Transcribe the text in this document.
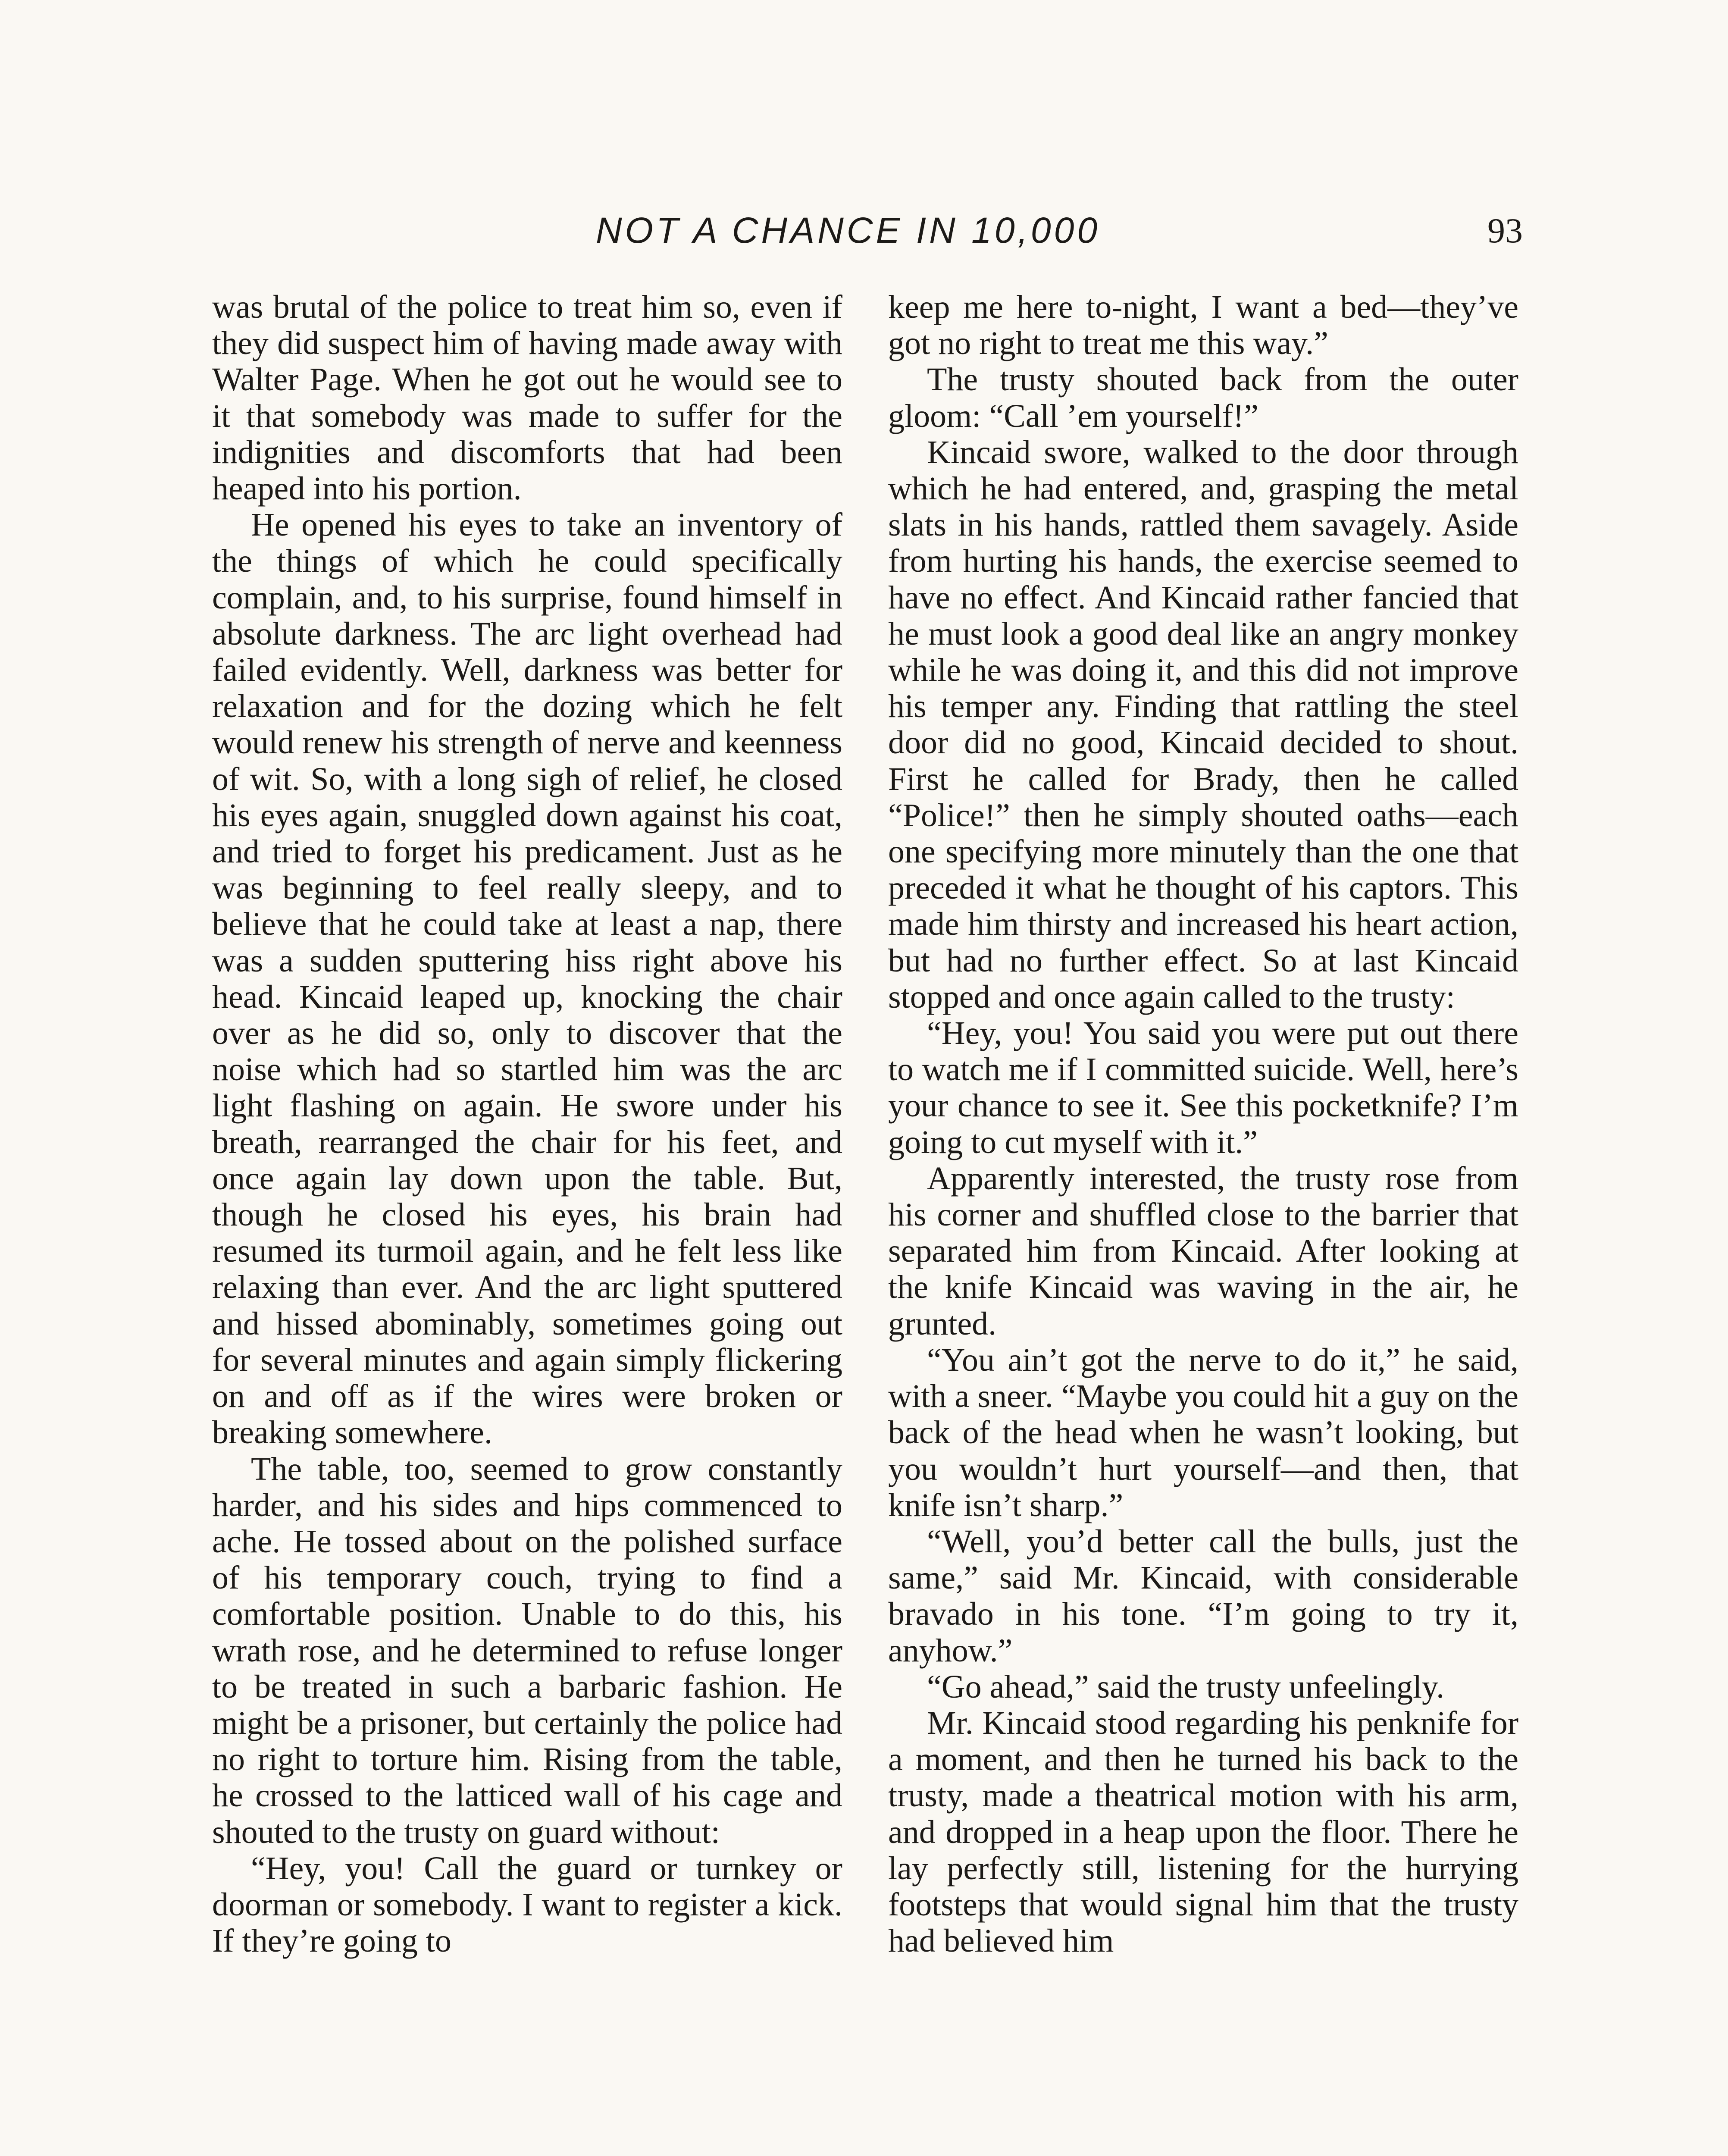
NOT A CHANCE IN 10,000	93

was brutal of the police to treat him so, even if they did suspect him of having made away with Walter Page. When he got out he would see to it that somebody was made to suffer for the indignities and discomforts that had been heaped into his portion.

He opened his eyes to take an inventory of the things of which he could specifically complain, and, to his surprise, found himself in absolute darkness. The arc light overhead had failed evidently. Well, darkness was better for relaxation and for the dozing which he felt would renew his strength of nerve and keenness of wit. So, with a long sigh of relief, he closed his eyes again, snuggled down against his coat, and tried to forget his predicament. Just as he was beginning to feel really sleepy, and to believe that he could take at least a nap, there was a sudden sputtering hiss right above his head. Kincaid leaped up, knocking the chair over as he did so, only to discover that the noise which had so startled him was the arc light flashing on again. He swore under his breath, rearranged the chair for his feet, and once again lay down upon the table. But, though he closed his eyes, his brain had resumed its turmoil again, and he felt less like relaxing than ever. And the arc light sputtered and hissed abominably, sometimes going out for several minutes and again simply flickering on and off as if the wires were broken or breaking somewhere.

The table, too, seemed to grow constantly harder, and his sides and hips commenced to ache. He tossed about on the polished surface of his temporary couch, trying to find a comfortable position. Unable to do this, his wrath rose, and he determined to refuse longer to be treated in such a barbaric fashion. He might be a prisoner, but certainly the police had no right to torture him. Rising from the table, he crossed to the latticed wall of his cage and shouted to the trusty on guard without:

“Hey, you! Call the guard or turnkey or doorman or somebody. I want to register a kick. If they’re going to

keep me here to-night, I want a bed—they’ve got no right to treat me this way.”

The trusty shouted back from the outer gloom: “Call ’em yourself!”

Kincaid swore, walked to the door through which he had entered, and, grasping the metal slats in his hands, rattled them savagely. Aside from hurting his hands, the exercise seemed to have no effect. And Kincaid rather fancied that he must look a good deal like an angry monkey while he was doing it, and this did not improve his temper any. Finding that rattling the steel door did no good, Kincaid decided to shout. First he called for Brady, then he called “Police!” then he simply shouted oaths—each one specifying more minutely than the one that preceded it what he thought of his captors. This made him thirsty and increased his heart action, but had no further effect. So at last Kincaid stopped and once again called to the trusty:

“Hey, you! You said you were put out there to watch me if I committed suicide. Well, here’s your chance to see it. See this pocketknife? I’m going to cut myself with it.”

Apparently interested, the trusty rose from his corner and shuffled close to the barrier that separated him from Kincaid. After looking at the knife Kincaid was waving in the air, he grunted.

“You ain’t got the nerve to do it,” he said, with a sneer. “Maybe you could hit a guy on the back of the head when he wasn’t looking, but you wouldn’t hurt yourself—and then, that knife isn’t sharp.”

“Well, you’d better call the bulls, just the same,” said Mr. Kincaid, with considerable bravado in his tone. “I’m going to try it, anyhow.”

“Go ahead,” said the trusty unfeelingly.

Mr. Kincaid stood regarding his penknife for a moment, and then he turned his back to the trusty, made a theatrical motion with his arm, and dropped in a heap upon the floor. There he lay perfectly still, listening for the hurrying footsteps that would signal him that the trusty had believed him
